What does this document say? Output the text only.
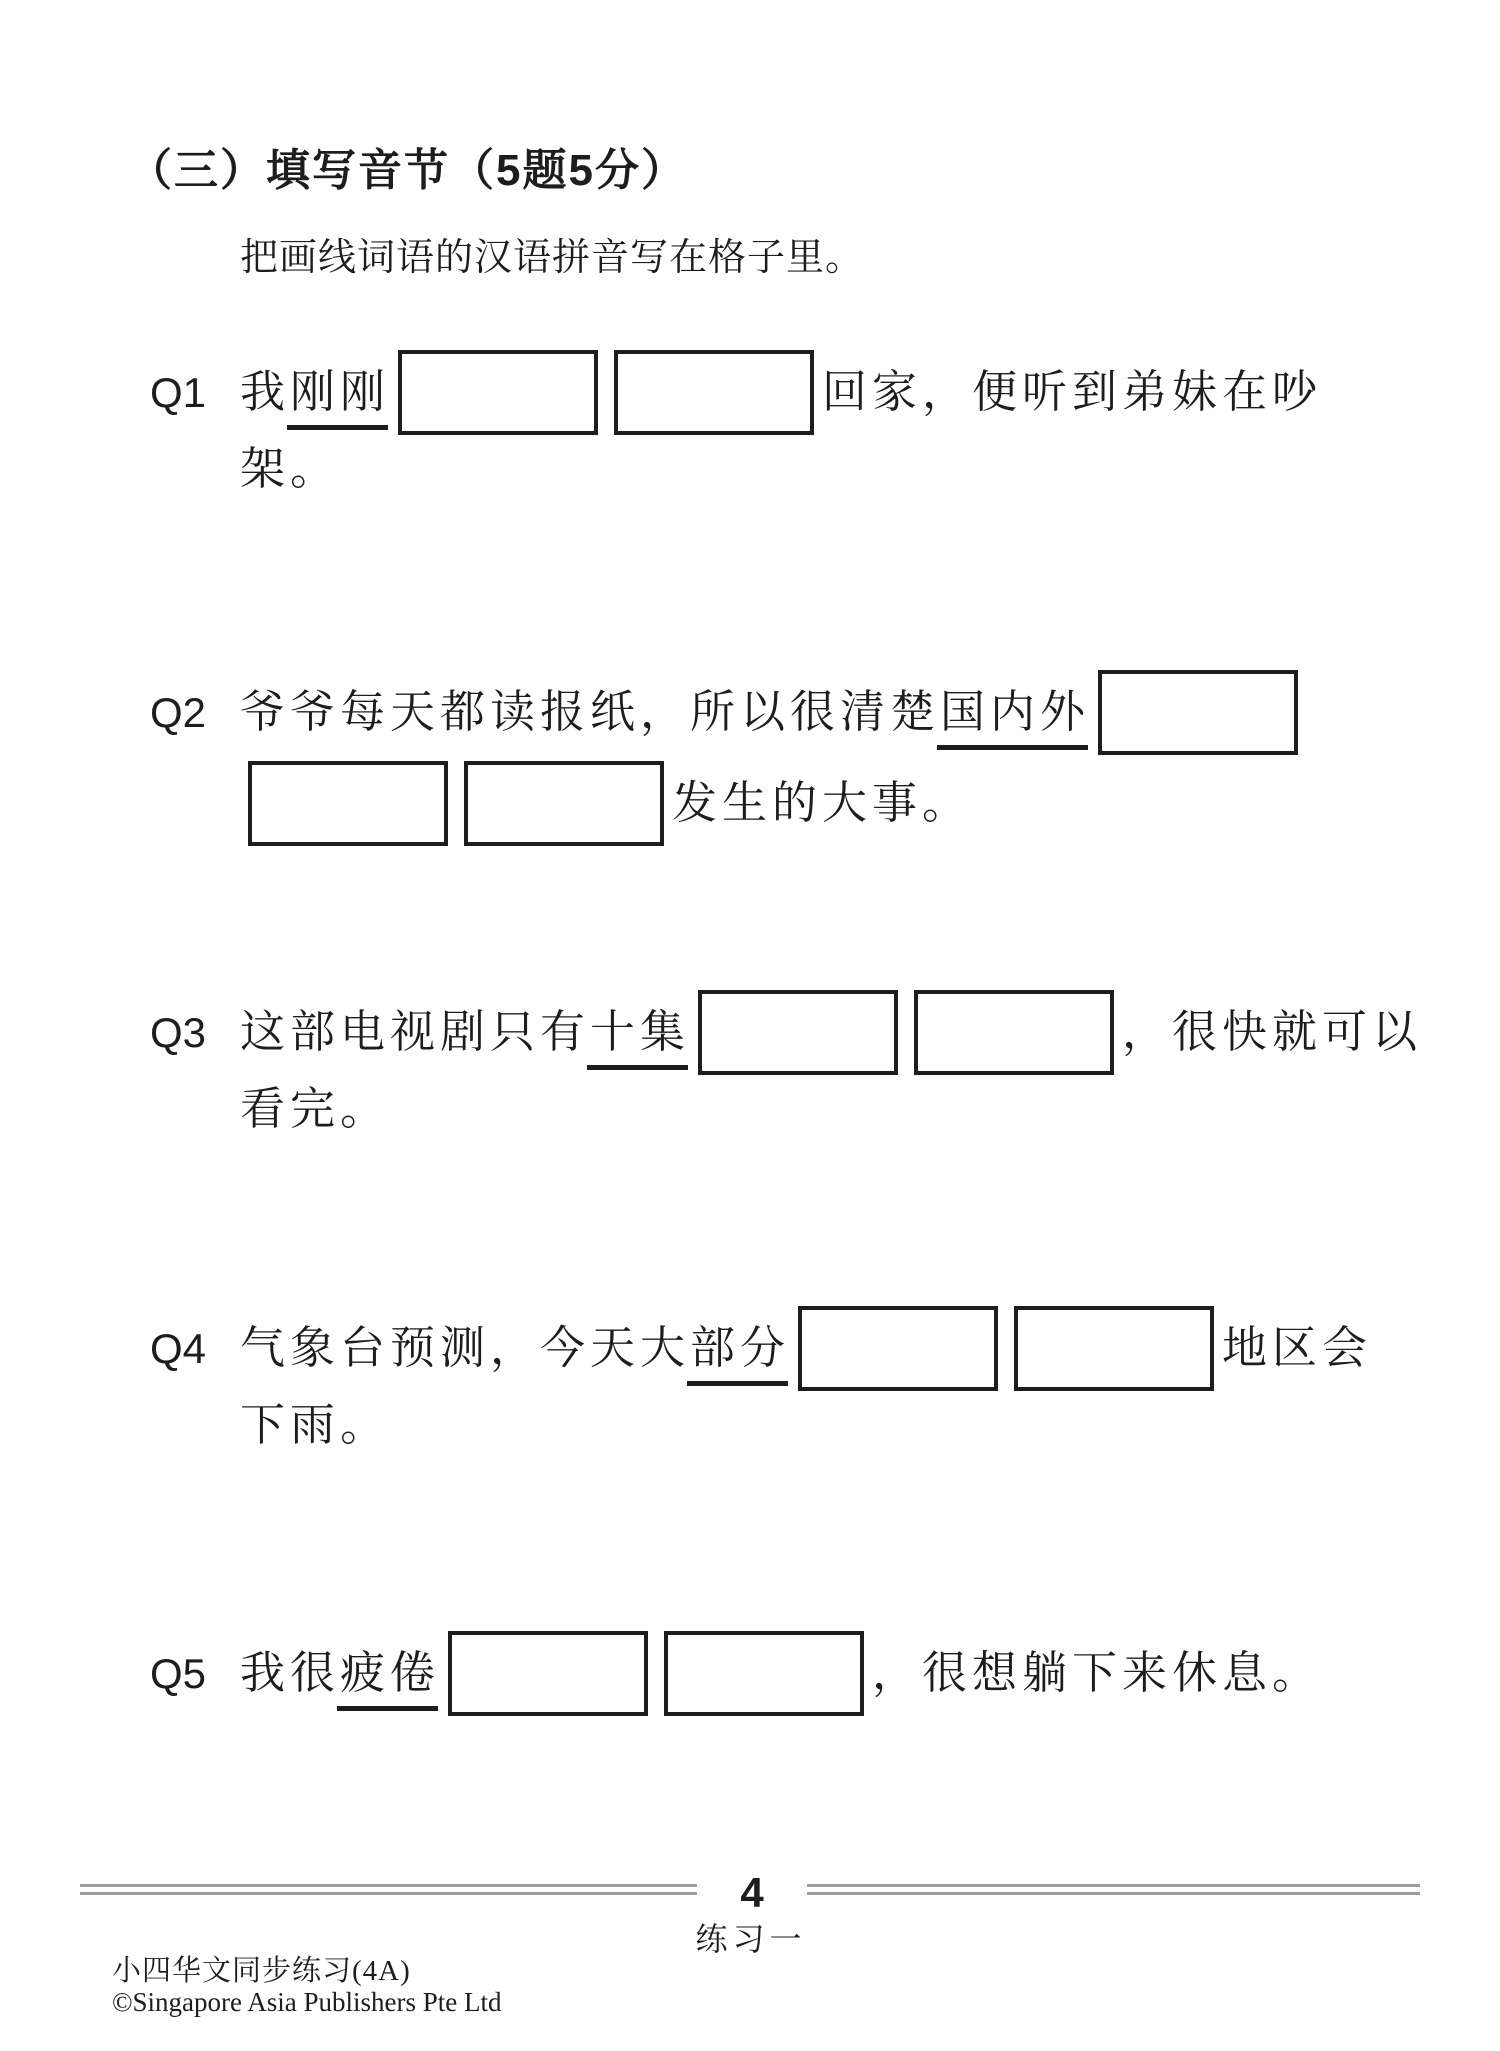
（三）填写音节（5题5分）
把画线词语的汉语拼音写在格子里。
Q1 我 刚刚	回家，便听到弟妹在吵
架。
Q2 爷爷每天都读报纸，所以很清楚 国内外
发生的大事。
Q3 这部电视剧只有 十集	，很快就可以
看完。
Q4 气象台预测，今天大 部分	地区会
下雨。
Q5 我很 疲倦	，很想躺下来休息。
4
练习一
小四华文同步练习(4A)
©Singapore Asia Publishers Pte Ltd
